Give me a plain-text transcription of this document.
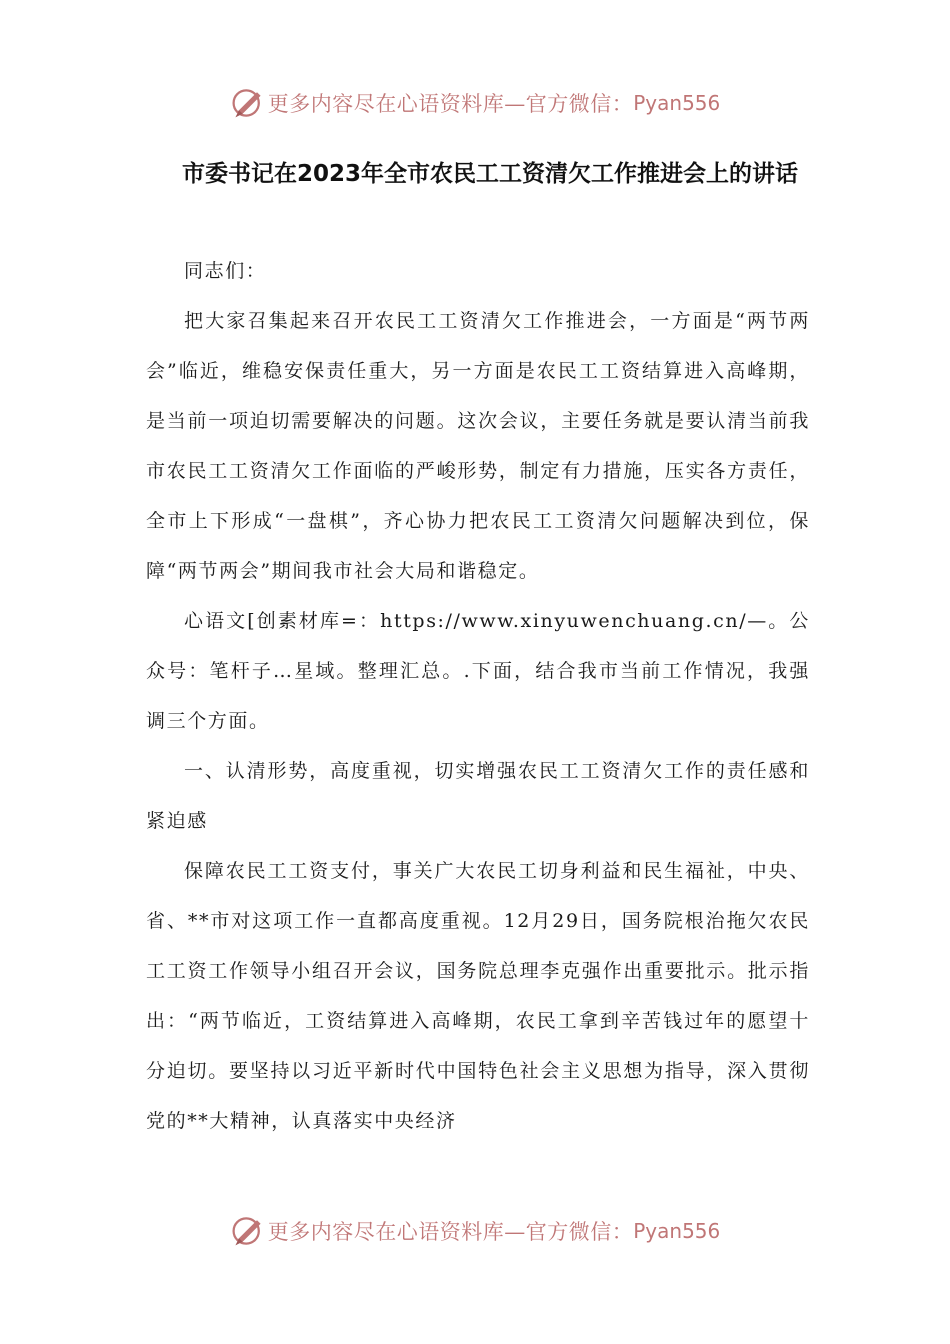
更多内容尽在心语资料库—官方微信： Pyan556
市委书记在2023年全市农民工工资清欠工作推进会上的讲话

同志们：

把大家召集起来召开农民工工资清欠工作推进会，一方面是“两节两会”临近，维稳安保责任重大，另一方面是农民工工资结算进入高峰期，是当前一项迫切需要解决的问题。这次会议，主要任务就是要认清当前我市农民工工资清欠工作面临的严峻形势，制定有力措施，压实各方责任，全市上下形成“一盘棋”，齐心协力把农民工工资清欠问题解决到位，保障“两节两会”期间我市社会大局和谐稳定。

心语文[创素材库=：https://www.xinyuwenchuang.cn/—。公众号：笔杆子…星域。整理汇总。.下面，结合我市当前工作情况，我强调三个方面。

一、认清形势，高度重视，切实增强农民工工资清欠工作的责任感和紧迫感

保障农民工工资支付，事关广大农民工切身利益和民生福祉，中央、省、**市对这项工作一直都高度重视。12月29日，国务院根治拖欠农民工工资工作领导小组召开会议，国务院总理李克强作出重要批示。批示指出：“两节临近，工资结算进入高峰期，农民工拿到辛苦钱过年的愿望十分迫切。要坚持以习近平新时代中国特色社会主义思想为指导，深入贯彻党的**大精神，认真落实中央经济

更多内容尽在心语资料库—官方微信： Pyan556
